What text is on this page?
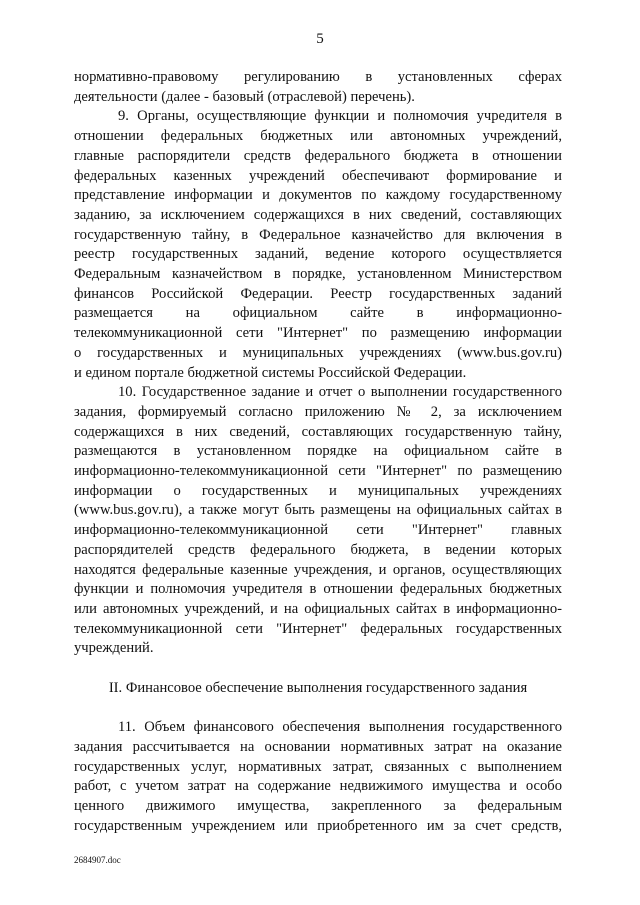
5

нормативно-правовому регулированию в установленных сферах
деятельности (далее - базовый (отраслевой) перечень).

9. Органы, осуществляющие функции и полномочия учредителя в
отношении федеральных бюджетных или автономных учреждений,
главные распорядители средств федерального бюджета в отношении
федеральных казенных учреждений обеспечивают формирование и
представление информации и документов по каждому государственному
заданию, за исключением содержащихся в них сведений, составляющих
государственную тайну, в Федеральное казначейство для включения в
реестр государственных заданий, ведение которого осуществляется
Федеральным казначейством в порядке, установленном Министерством
финансов Российской Федерации. Реестр государственных заданий
размещается на официальном сайте в информационно-
телекоммуникационной сети "Интернет" по размещению информации
о государственных и муниципальных учреждениях (www.bus.gov.ru)
и едином портале бюджетной системы Российской Федерации.

10. Государственное задание и отчет о выполнении государственного
задания, формируемый согласно приложению № 2, за исключением
содержащихся в них сведений, составляющих государственную тайну,
размещаются в установленном порядке на официальном сайте в
информационно-телекоммуникационной сети "Интернет" по размещению
информации о государственных и муниципальных учреждениях
(www.bus.gov.ru), а также могут быть размещены на официальных сайтах в
информационно-телекоммуникационной сети "Интернет" главных
распорядителей средств федерального бюджета, в ведении которых
находятся федеральные казенные учреждения, и органов, осуществляющих
функции и полномочия учредителя в отношении федеральных бюджетных
или автономных учреждений, и на официальных сайтах в информационно-
телекоммуникационной сети "Интернет" федеральных государственных
учреждений.

II. Финансовое обеспечение выполнения государственного задания

11. Объем финансового обеспечения выполнения государственного
задания рассчитывается на основании нормативных затрат на оказание
государственных услуг, нормативных затрат, связанных с выполнением
работ, с учетом затрат на содержание недвижимого имущества и особо
ценного движимого имущества, закрепленного за федеральным
государственным учреждением или приобретенного им за счет средств,

2684907.doc
